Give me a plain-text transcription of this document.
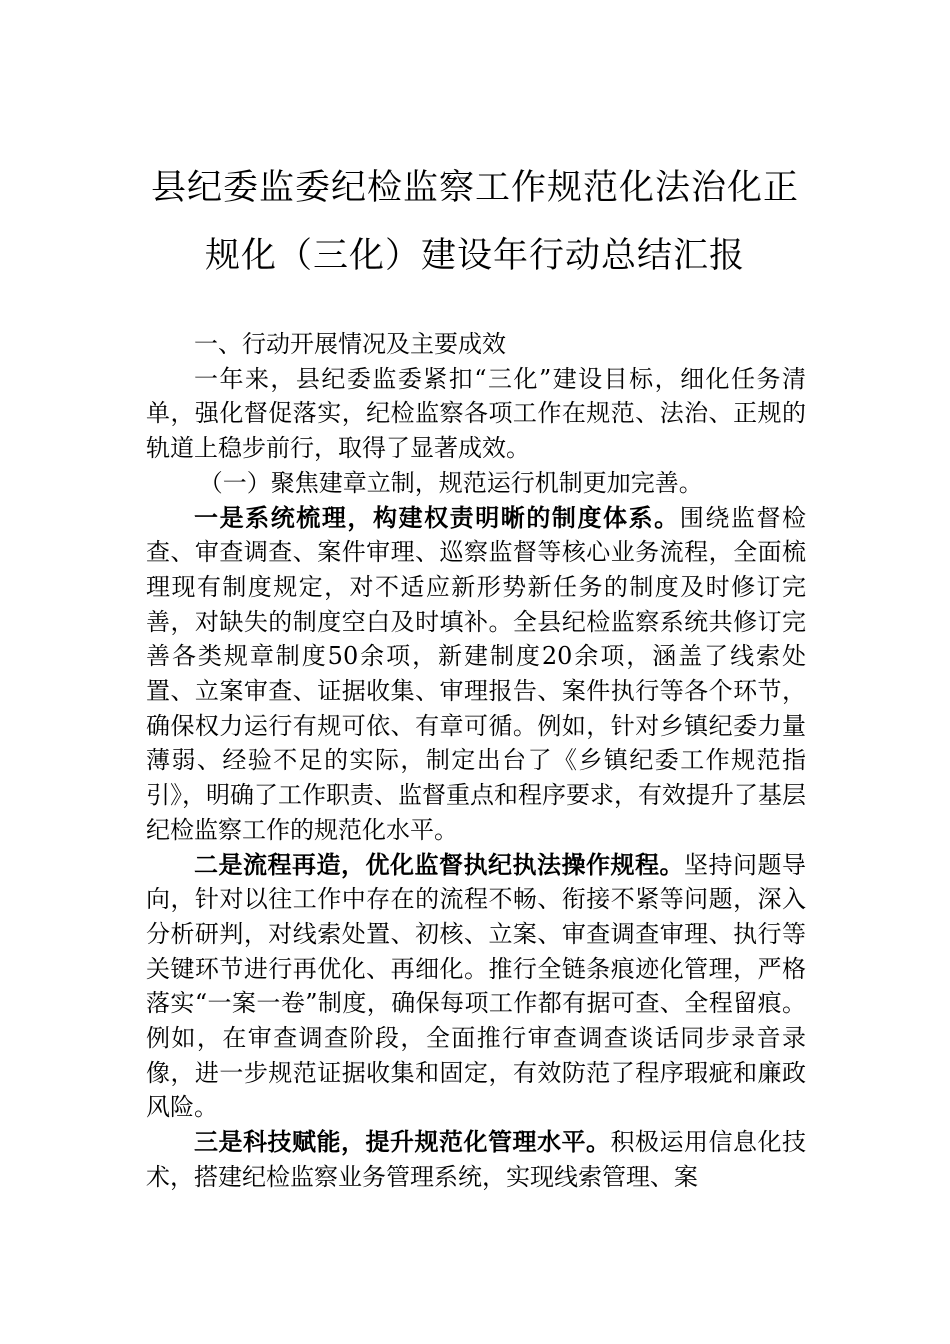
县纪委监委纪检监察工作规范化法治化正
规化（三化）建设年行动总结汇报

一、行动开展情况及主要成效

一年来，县纪委监委紧扣“三化”建设目标，细化任务清单，强化督促落实，纪检监察各项工作在规范、法治、正规的轨道上稳步前行，取得了显著成效。

（一）聚焦建章立制，规范运行机制更加完善。

一是系统梳理，构建权责明晰的制度体系。围绕监督检查、审查调查、案件审理、巡察监督等核心业务流程，全面梳理现有制度规定，对不适应新形势新任务的制度及时修订完善，对缺失的制度空白及时填补。全县纪检监察系统共修订完善各类规章制度50余项，新建制度20余项，涵盖了线索处置、立案审查、证据收集、审理报告、案件执行等各个环节，确保权力运行有规可依、有章可循。例如，针对乡镇纪委力量薄弱、经验不足的实际，制定出台了《乡镇纪委工作规范指引》，明确了工作职责、监督重点和程序要求，有效提升了基层纪检监察工作的规范化水平。

二是流程再造，优化监督执纪执法操作规程。坚持问题导向，针对以往工作中存在的流程不畅、衔接不紧等问题，深入分析研判，对线索处置、初核、立案、审查调查审理、执行等关键环节进行再优化、再细化。推行全链条痕迹化管理，严格落实“一案一卷”制度，确保每项工作都有据可查、全程留痕。例如，在审查调查阶段，全面推行审查调查谈话同步录音录像，进一步规范证据收集和固定，有效防范了程序瑕疵和廉政风险。

三是科技赋能，提升规范化管理水平。积极运用信息化技术，搭建纪检监察业务管理系统，实现线索管理、案
